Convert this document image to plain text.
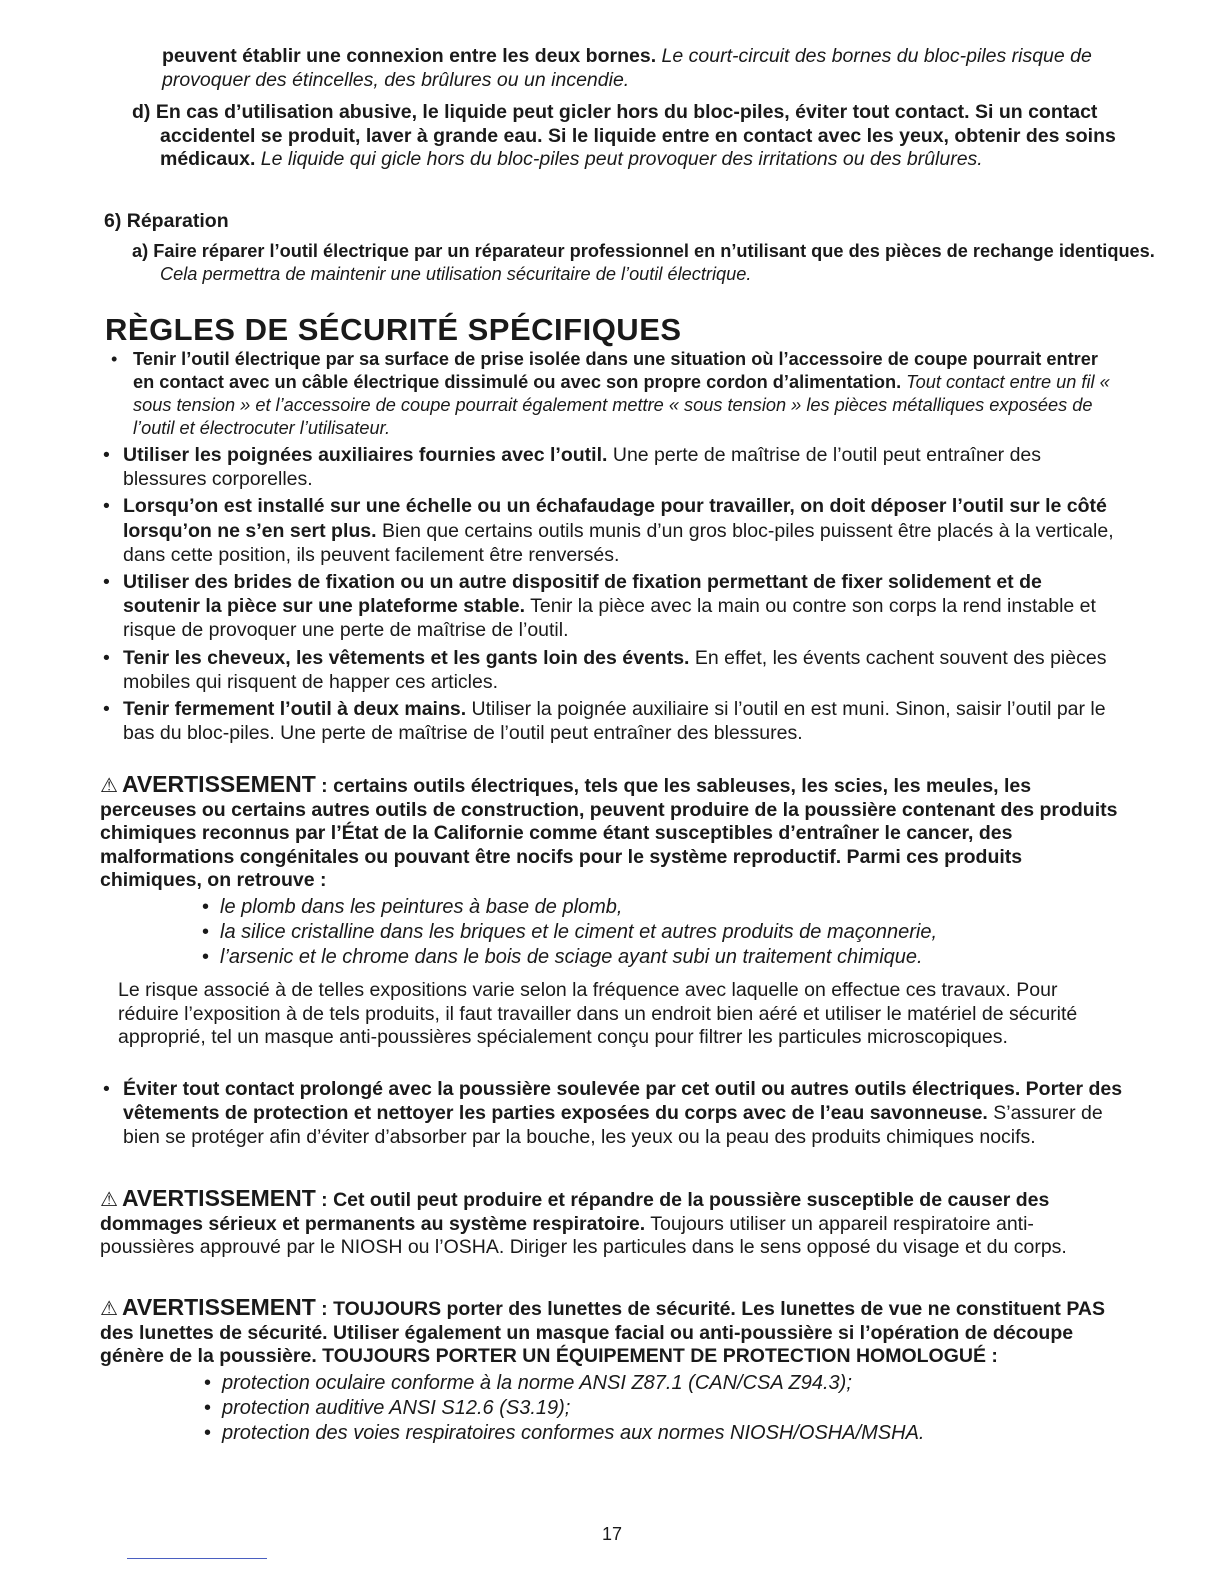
peuvent établir une connexion entre les deux bornes. Le court-circuit des bornes du bloc-piles risque de provoquer des étincelles, des brûlures ou un incendie.

d) En cas d’utilisation abusive, le liquide peut gicler hors du bloc-piles, éviter tout contact. Si un contact accidentel se produit, laver à grande eau. Si le liquide entre en contact avec les yeux, obtenir des soins médicaux. Le liquide qui gicle hors du bloc-piles peut provoquer des irritations ou des brûlures.

6) Réparation

a) Faire réparer l’outil électrique par un réparateur professionnel en n’utilisant que des pièces de rechange identiques. Cela permettra de maintenir une utilisation sécuritaire de l’outil électrique.

RÈGLES DE SÉCURITÉ SPÉCIFIQUES

• Tenir l’outil électrique par sa surface de prise isolée dans une situation où l’accessoire de coupe pourrait entrer en contact avec un câble électrique dissimulé ou avec son propre cordon d’alimentation. Tout contact entre un fil « sous tension » et l’accessoire de coupe pourrait également mettre « sous tension » les pièces métalliques exposées de l’outil et électrocuter l’utilisateur.

• Utiliser les poignées auxiliaires fournies avec l’outil. Une perte de maîtrise de l’outil peut entraîner des blessures corporelles.

• Lorsqu’on est installé sur une échelle ou un échafaudage pour travailler, on doit déposer l’outil sur le côté lorsqu’on ne s’en sert plus. Bien que certains outils munis d’un gros bloc-piles puissent être placés à la verticale, dans cette position, ils peuvent facilement être renversés.

• Utiliser des brides de fixation ou un autre dispositif de fixation permettant de fixer solidement et de soutenir la pièce sur une plateforme stable. Tenir la pièce avec la main ou contre son corps la rend instable et risque de provoquer une perte de maîtrise de l’outil.

• Tenir les cheveux, les vêtements et les gants loin des évents. En effet, les évents cachent souvent des pièces mobiles qui risquent de happer ces articles.

• Tenir fermement l’outil à deux mains. Utiliser la poignée auxiliaire si l’outil en est muni. Sinon, saisir l’outil par le bas du bloc-piles. Une perte de maîtrise de l’outil peut entraîner des blessures.

⚠ AVERTISSEMENT : certains outils électriques, tels que les sableuses, les scies, les meules, les perceuses ou certains autres outils de construction, peuvent produire de la poussière contenant des produits chimiques reconnus par l’État de la Californie comme étant susceptibles d’entraîner le cancer, des malformations congénitales ou pouvant être nocifs pour le système reproductif. Parmi ces produits chimiques, on retrouve :

• le plomb dans les peintures à base de plomb,
• la silice cristalline dans les briques et le ciment et autres produits de maçonnerie,
• l’arsenic et le chrome dans le bois de sciage ayant subi un traitement chimique.

Le risque associé à de telles expositions varie selon la fréquence avec laquelle on effectue ces travaux. Pour réduire l’exposition à de tels produits, il faut travailler dans un endroit bien aéré et utiliser le matériel de sécurité approprié, tel un masque anti-poussières spécialement conçu pour filtrer les particules microscopiques.

• Éviter tout contact prolongé avec la poussière soulevée par cet outil ou autres outils électriques. Porter des vêtements de protection et nettoyer les parties exposées du corps avec de l’eau savonneuse. S’assurer de bien se protéger afin d’éviter d’absorber par la bouche, les yeux ou la peau des produits chimiques nocifs.

⚠ AVERTISSEMENT : Cet outil peut produire et répandre de la poussière susceptible de causer des dommages sérieux et permanents au système respiratoire. Toujours utiliser un appareil respiratoire anti-poussières approuvé par le NIOSH ou l’OSHA. Diriger les particules dans le sens opposé du visage et du corps.

⚠ AVERTISSEMENT : TOUJOURS porter des lunettes de sécurité. Les lunettes de vue ne constituent PAS des lunettes de sécurité. Utiliser également un masque facial ou anti-poussière si l’opération de découpe génère de la poussière. TOUJOURS PORTER UN ÉQUIPEMENT DE PROTECTION HOMOLOGUÉ :

• protection oculaire conforme à la norme ANSI Z87.1 (CAN/CSA Z94.3);
• protection auditive ANSI S12.6 (S3.19);
• protection des voies respiratoires conformes aux normes NIOSH/OSHA/MSHA.
17
